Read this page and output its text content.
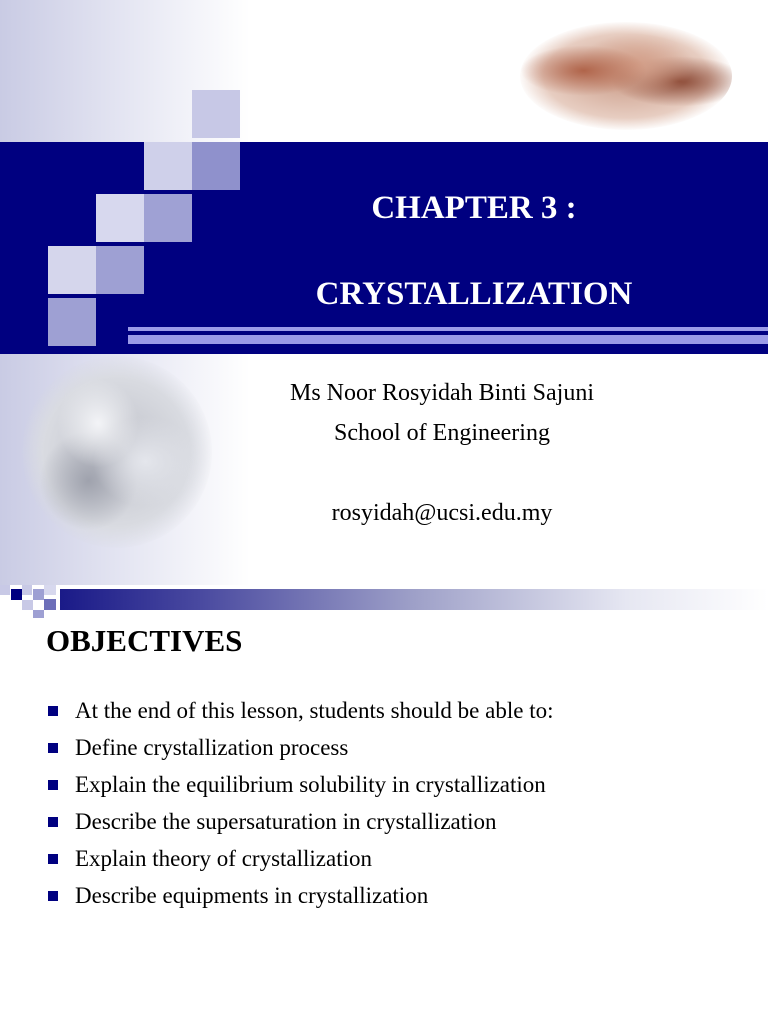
CHAPTER 3 :
CRYSTALLIZATION
Ms Noor Rosyidah Binti Sajuni
School of Engineering
rosyidah@ucsi.edu.my
OBJECTIVES
At the end of this lesson, students should be able to:
Define crystallization process
Explain the equilibrium solubility in crystallization
Describe the supersaturation in crystallization
Explain theory of crystallization
Describe equipments in crystallization
